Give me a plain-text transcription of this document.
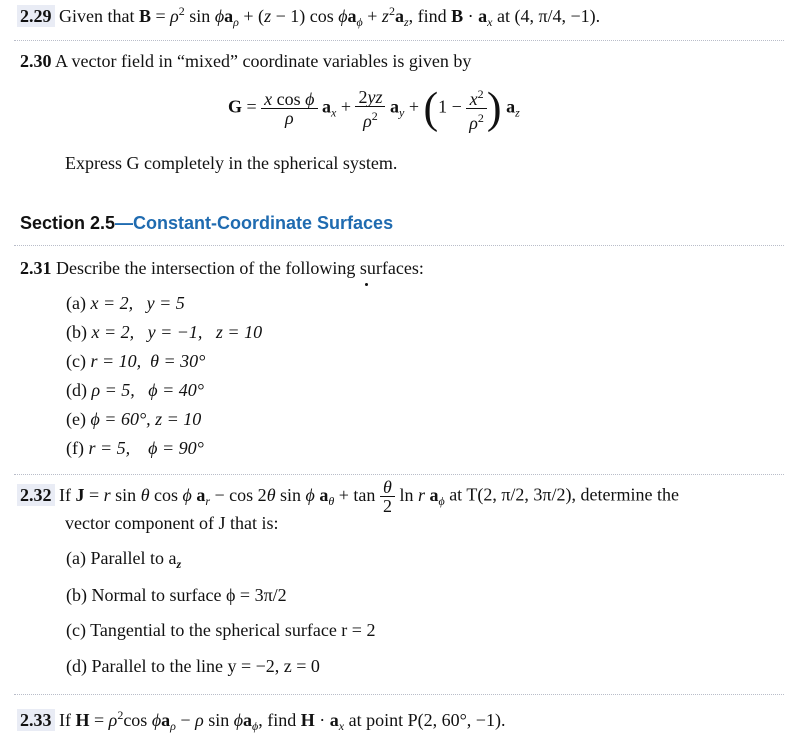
2.29 Given that $B = \rho^2$ $\sin \phi a_\rho + (z - 1)$ $\cos \phi a_\phi + z^2a_z$, find $B \cdot a_x$ at (4, π/4, −1).
2.30 A vector field in “mixed” coordinate variables is given by
$G = \frac{\text{x cos ϕ}}{\rho} a_x + \frac{2yz}{\rho^2} a_y + (1 - \frac{x^2}{\rho^2}$ ) $a_z$
Express G completely in the spherical system.
Section 2.5—Constant-Coordinate Surfaces
2.31 Describe the intersection of the following surfaces:
(a) x = 2,   y = 5
(b) x = 2,   y = −1,   z = 10
(c) r = 10,  θ = 30°
(d) ρ = 5,   ϕ = 40°
(e) ϕ = 60°, z = 10
(f) r = 5,    ϕ = 90°
2.32 If J = r sin θ cos ϕ $a_r - \cos 2\theta$ sin ϕ $a_\theta + \tan \frac{\theta}{2}$ ln r $a_\phi$ at T(2, π/2, 3π/2), determine the
vector component of J that is:
(a) Parallel to $a_z$
(b) Normal to surface ϕ = 3π/2
(c) Tangential to the spherical surface r = 2
(d) Parallel to the line y = −2, z = 0
2.33 If $H = \rho^2\cos$ $\phi a_\rho - \rho$ $\sin \phi a_\phi$, find $H \cdot a_x$ at point P(2, 60°, −1).
